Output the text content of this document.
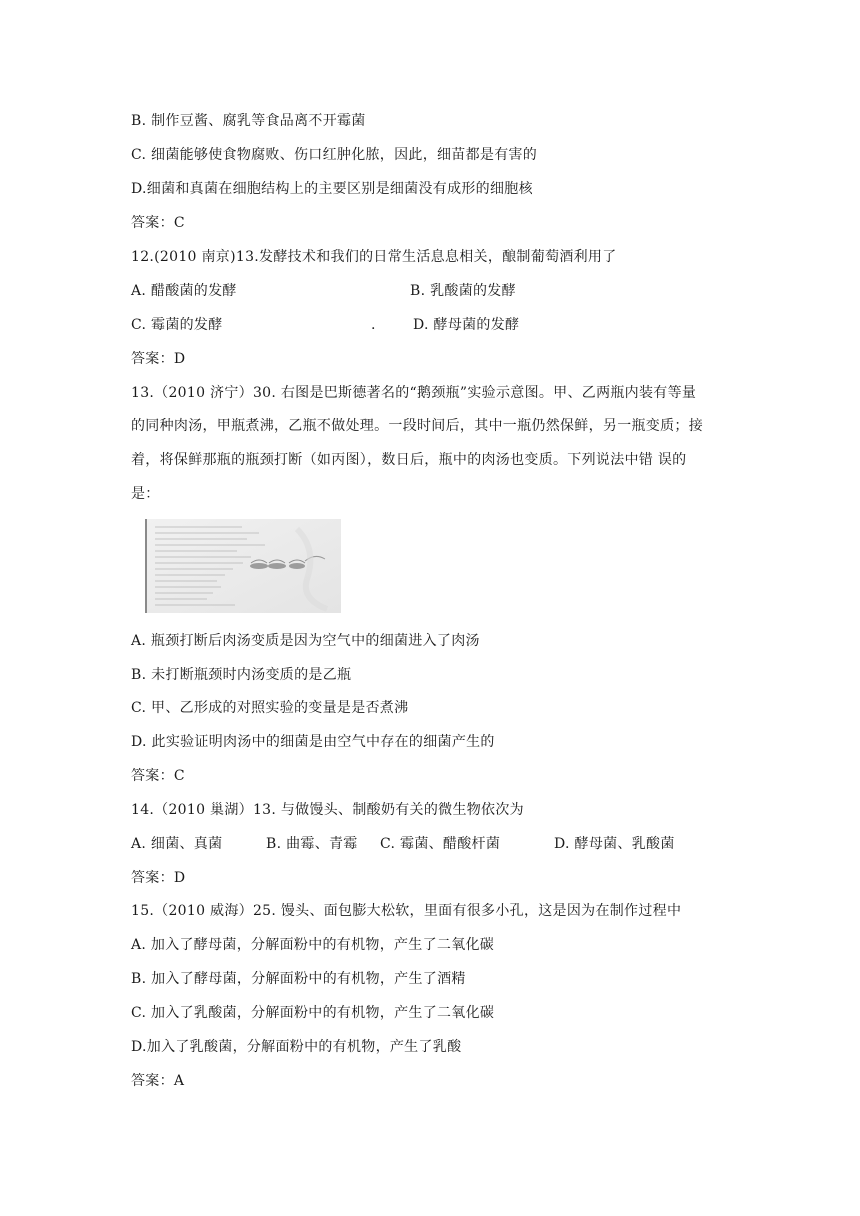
B. 制作豆酱、腐乳等食品离不开霉菌
C. 细菌能够使食物腐败、伤口红肿化脓，因此，细苗都是有害的
D.细菌和真菌在细胞结构上的主要区别是细菌没有成形的细胞核
答案：C
12.(2010 南京)13.发酵技术和我们的日常生活息息相关，酿制葡萄酒利用了
A. 醋酸菌的发酵	B. 乳酸菌的发酵
C. 霉菌的发酵	.	D. 酵母菌的发酵
答案：D
13.（2010 济宁）30. 右图是巴斯德著名的“鹅颈瓶”实验示意图。甲、乙两瓶内装有等量
的同种肉汤，甲瓶煮沸，乙瓶不做处理。一段时间后，其中一瓶仍然保鲜，另一瓶变质；接
着，将保鲜那瓶的瓶颈打断（如丙图），数日后，瓶中的肉汤也变质。下列说法中错 误的
是：
A. 瓶颈打断后肉汤变质是因为空气中的细菌进入了肉汤
B. 未打断瓶颈时内汤变质的是乙瓶
C. 甲、乙形成的对照实验的变量是是否煮沸
D. 此实验证明肉汤中的细菌是由空气中存在的细菌产生的
答案：C
14.（2010 巢湖）13. 与做馒头、制酸奶有关的微生物依次为
A. 细菌、真菌	B. 曲霉、青霉 C. 霉菌、醋酸杆菌	D. 酵母菌、乳酸菌
答案：D
15.（2010 威海）25. 馒头、面包膨大松软，里面有很多小孔，这是因为在制作过程中
A. 加入了酵母菌，分解面粉中的有机物，产生了二氧化碳
B. 加入了酵母菌，分解面粉中的有机物，产生了酒精
C. 加入了乳酸菌，分解面粉中的有机物，产生了二氧化碳
D.加入了乳酸菌，分解面粉中的有机物，产生了乳酸
答案：A
